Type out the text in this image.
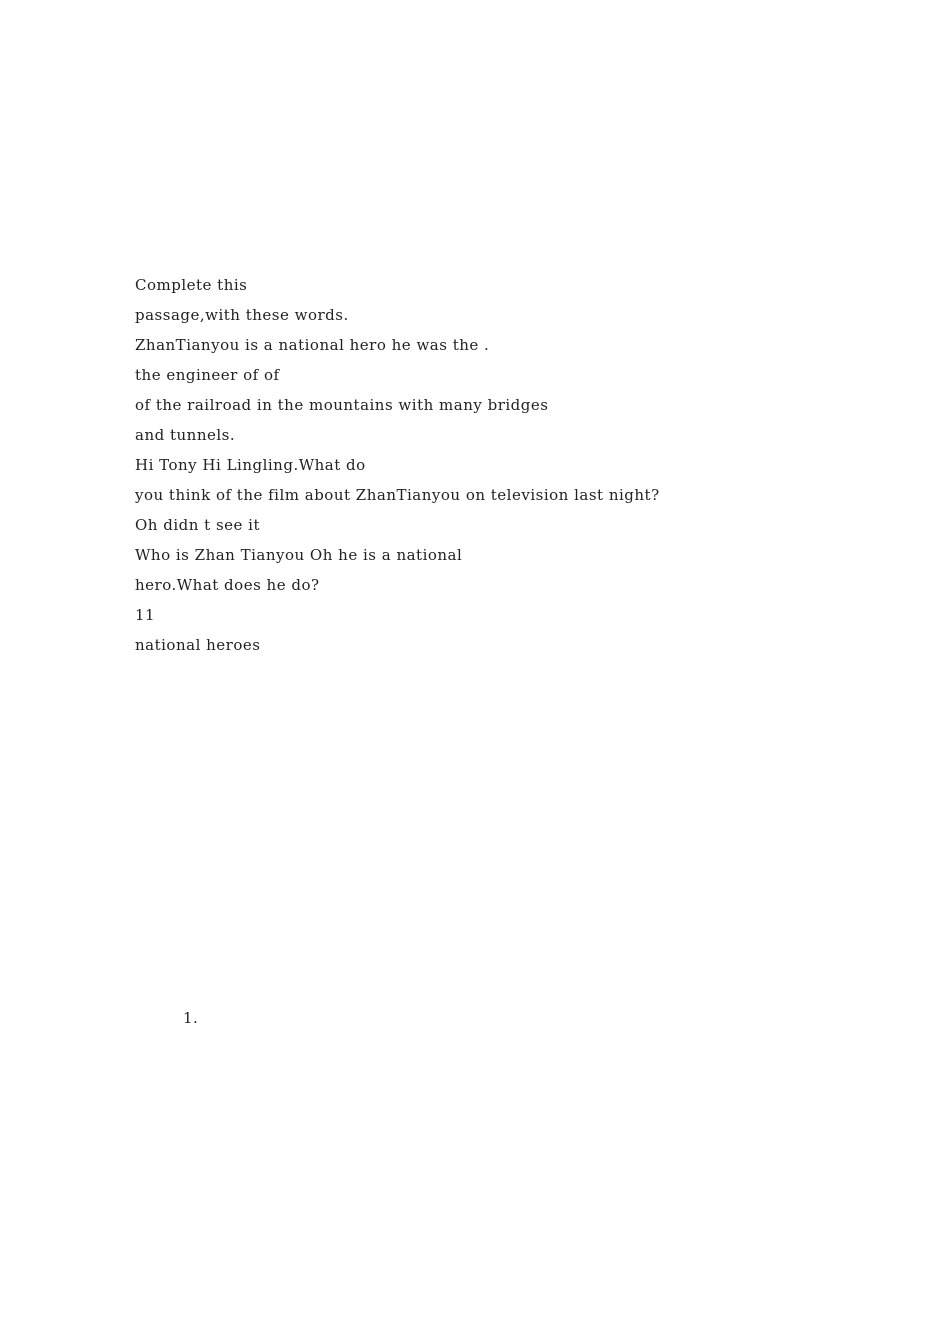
Complete this
passage,with these words.
ZhanTianyou is a national hero he was the .
the engineer of of
of the railroad in the mountains with many bridges
and tunnels.
Hi Tony Hi Lingling.What do
you think of the film about ZhanTianyou on television last night?
Oh didn t see it
Who is Zhan Tianyou Oh he is a national
hero.What does he do?
11
national heroes
1.
